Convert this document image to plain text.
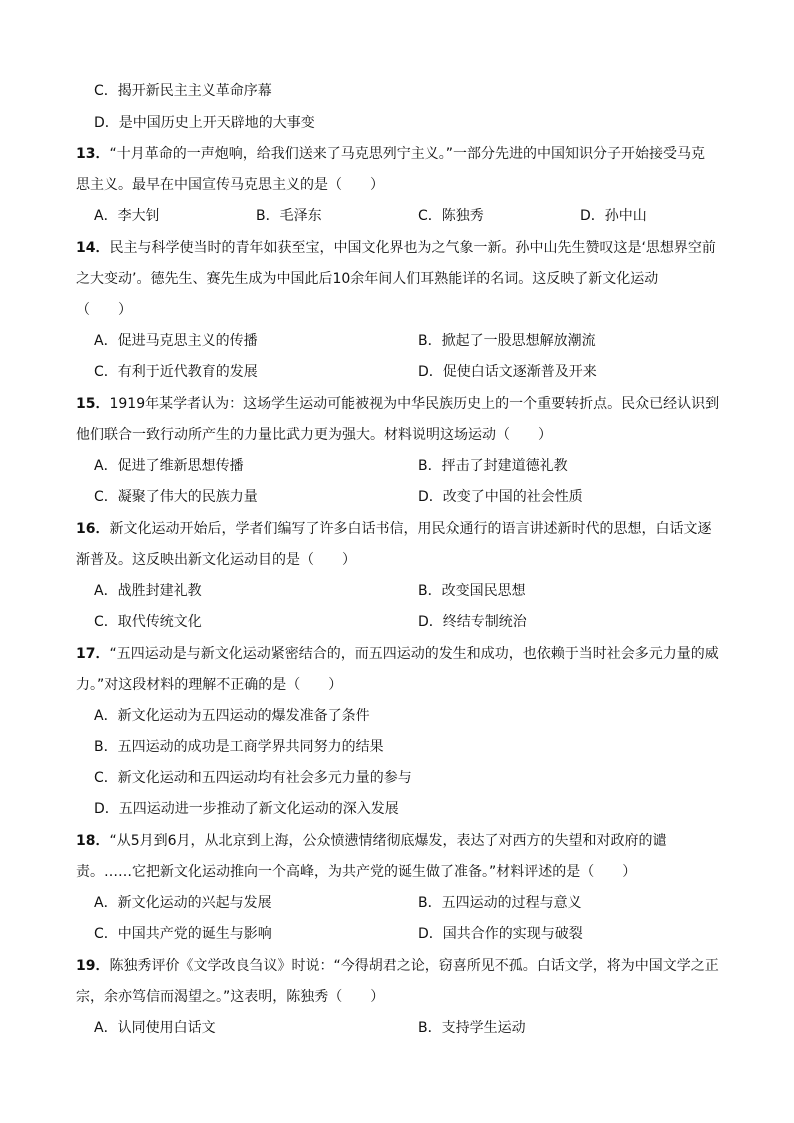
C．揭开新民主主义革命序幕
D．是中国历史上开天辟地的大事变
13．“十月革命的一声炮响，给我们送来了马克思列宁主义。”一部分先进的中国知识分子开始接受马克
思主义。最早在中国宣传马克思主义的是（　　）
A．李大钊	B．毛泽东	C．陈独秀	D．孙中山
14．民主与科学使当时的青年如获至宝，中国文化界也为之气象一新。孙中山先生赞叹这是‘思想界空前
之大变动’。德先生、赛先生成为中国此后10余年间人们耳熟能详的名词。这反映了新文化运动
（　　）
A．促进马克思主义的传播	B．掀起了一股思想解放潮流
C．有利于近代教育的发展	D．促使白话文逐渐普及开来
15．1919年某学者认为：这场学生运动可能被视为中华民族历史上的一个重要转折点。民众已经认识到
他们联合一致行动所产生的力量比武力更为强大。材料说明这场运动（　　）
A．促进了维新思想传播	B．抨击了封建道德礼教
C．凝聚了伟大的民族力量	D．改变了中国的社会性质
16．新文化运动开始后，学者们编写了许多白话书信，用民众通行的语言讲述新时代的思想，白话文逐
渐普及。这反映出新文化运动目的是（　　）
A．战胜封建礼教	B．改变国民思想
C．取代传统文化	D．终结专制统治
17．“五四运动是与新文化运动紧密结合的，而五四运动的发生和成功，也依赖于当时社会多元力量的威
力。”对这段材料的理解不正确的是（　　）
A．新文化运动为五四运动的爆发准备了条件
B．五四运动的成功是工商学界共同努力的结果
C．新文化运动和五四运动均有社会多元力量的参与
D．五四运动进一步推动了新文化运动的深入发展
18．“从5月到6月，从北京到上海，公众愤懑情绪彻底爆发，表达了对西方的失望和对政府的谴
责。……它把新文化运动推向一个高峰，为共产党的诞生做了准备。”材料评述的是（　　）
A．新文化运动的兴起与发展	B．五四运动的过程与意义
C．中国共产党的诞生与影响	D．国共合作的实现与破裂
19．陈独秀评价《文学改良刍议》时说：“今得胡君之论，窃喜所见不孤。白话文学，将为中国文学之正
宗，余亦笃信而渴望之。”这表明，陈独秀（　　）
A．认同使用白话文	B．支持学生运动
